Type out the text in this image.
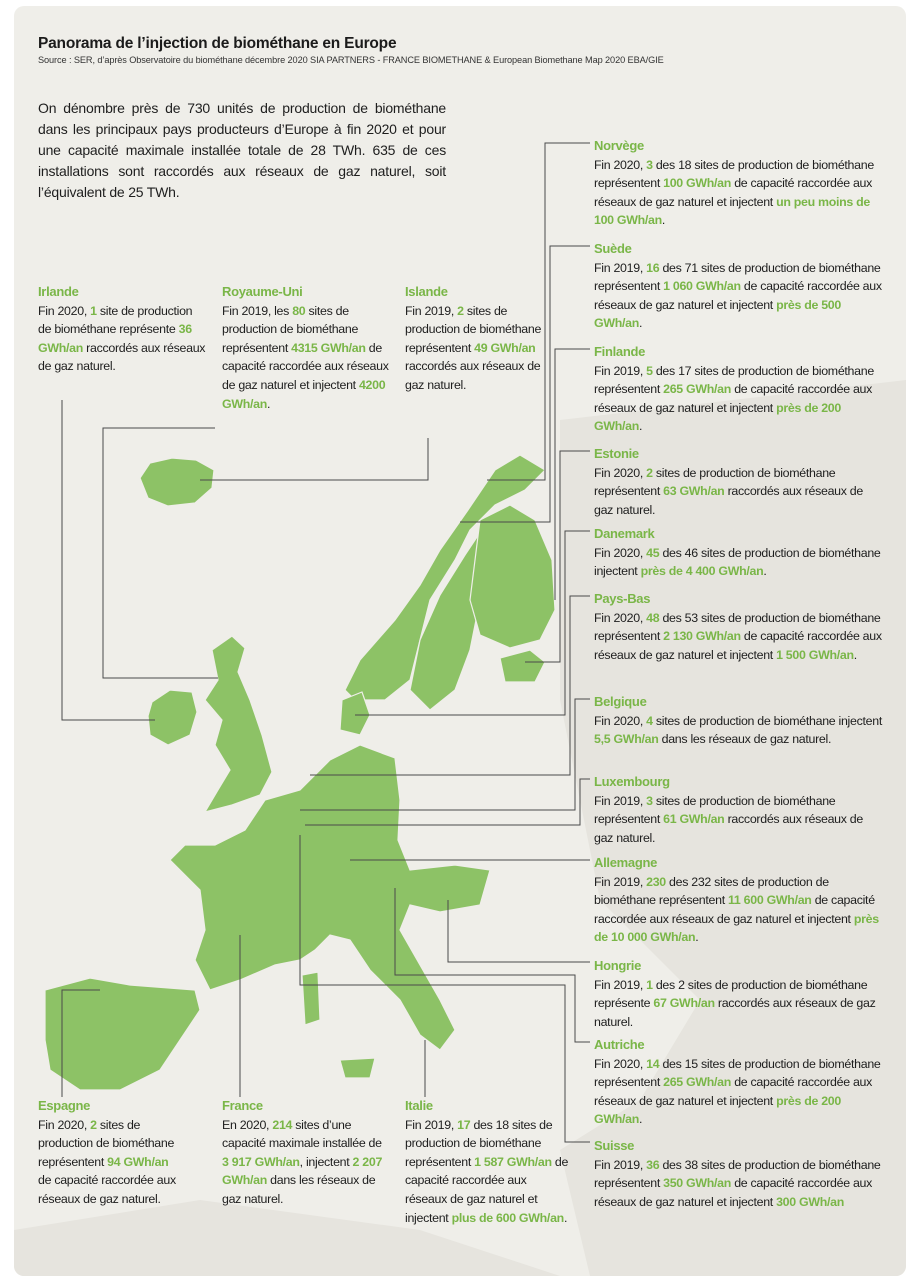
Panorama de l’injection de biométhane en Europe
Source : SER, d’après Observatoire du biométhane décembre 2020 SIA PARTNERS - FRANCE BIOMETHANE & European Biomethane Map 2020 EBA/GIE
On dénombre près de 730 unités de production de biométhane dans les principaux pays producteurs d’Europe à fin 2020 et pour une capacité maximale installée totale de 28 TWh. 635 de ces installations sont raccordés aux réseaux de gaz naturel, soit l’équivalent de 25 TWh.
Irlande
Fin 2020, 1 site de production de biométhane représente 36 GWh/an raccordés aux réseaux de gaz naturel.
Royaume-Uni
Fin 2019, les 80 sites de production de biométhane représentent 4315 GWh/an de capacité raccordée aux réseaux de gaz naturel et injectent 4200 GWh/an.
Islande
Fin 2019, 2 sites de production de biométhane représentent 49 GWh/an raccordés aux réseaux de gaz naturel.
Norvège
Fin 2020, 3 des 18 sites de production de biométhane représentent 100 GWh/an de capacité raccordée aux réseaux de gaz naturel et injectent un peu moins de 100 GWh/an.
Suède
Fin 2019, 16 des 71 sites de production de biométhane représentent 1 060 GWh/an de capacité raccordée aux réseaux de gaz naturel et injectent près de 500 GWh/an.
Finlande
Fin 2019, 5 des 17 sites de production de biométhane représentent 265 GWh/an de capacité raccordée aux réseaux de gaz naturel et injectent près de 200 GWh/an.
Estonie
Fin 2020, 2 sites de production de biométhane représentent 63 GWh/an raccordés aux réseaux de gaz naturel.
Danemark
Fin 2020, 45 des 46 sites de production de biométhane injectent près de 4 400 GWh/an.
Pays-Bas
Fin 2020, 48 des 53 sites de production de biométhane représentent 2 130 GWh/an de capacité raccordée aux réseaux de gaz naturel et injectent 1 500 GWh/an.
Belgique
Fin 2020, 4 sites de production de biométhane injectent 5,5 GWh/an dans les réseaux de gaz naturel.
Luxembourg
Fin 2019, 3 sites de production de biométhane représentent 61 GWh/an raccordés aux réseaux de gaz naturel.
Allemagne
Fin 2019, 230 des 232 sites de production de biométhane représentent 11 600 GWh/an de capacité raccordée aux réseaux de gaz naturel et injectent près de 10 000 GWh/an.
Hongrie
Fin 2019, 1 des 2 sites de production de biométhane représente 67 GWh/an raccordés aux réseaux de gaz naturel.
Autriche
Fin 2020, 14 des 15 sites de production de biométhane représentent 265 GWh/an de capacité raccordée aux réseaux de gaz naturel et injectent près de 200 GWh/an.
Suisse
Fin 2019, 36 des 38 sites de production de biométhane représentent 350 GWh/an de capacité raccordée aux réseaux de gaz naturel et injectent 300 GWh/an
Espagne
Fin 2020, 2 sites de production de biométhane représentent 94 GWh/an de capacité raccordée aux réseaux de gaz naturel.
France
En 2020, 214 sites d’une capacité maximale installée de 3 917 GWh/an, injectent 2 207 GWh/an dans les réseaux de gaz naturel.
Italie
Fin 2019, 17 des 18 sites de production de biométhane représentent 1 587 GWh/an de capacité raccordée aux réseaux de gaz naturel et injectent plus de 600 GWh/an.
